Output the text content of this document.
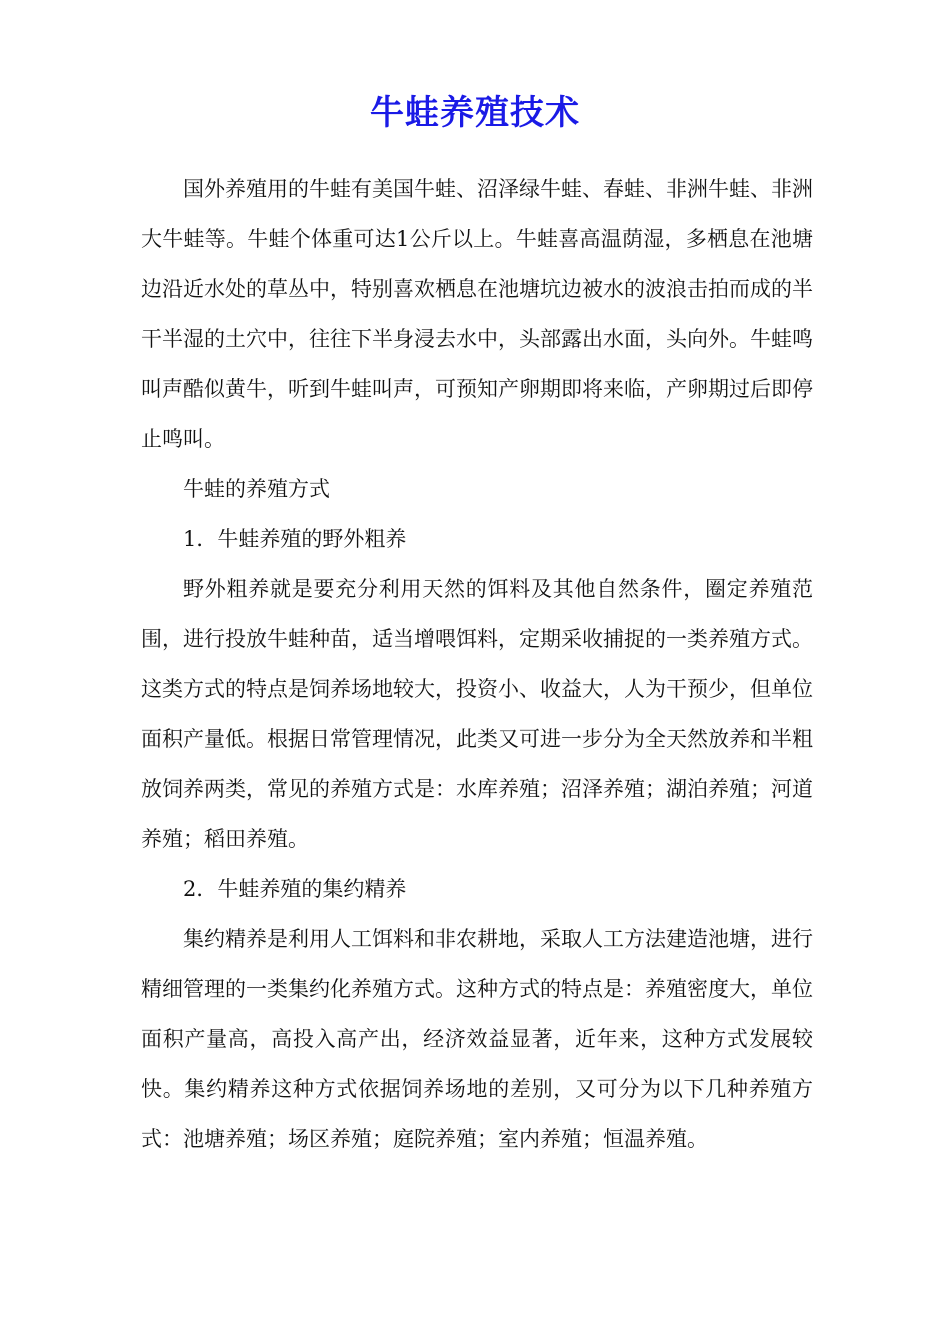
牛蛙养殖技术

国外养殖用的牛蛙有美国牛蛙、沼泽绿牛蛙、春蛙、非洲牛蛙、非洲大牛蛙等。牛蛙个体重可达1公斤以上。牛蛙喜高温荫湿，多栖息在池塘边沿近水处的草丛中，特别喜欢栖息在池塘坑边被水的波浪击拍而成的半干半湿的土穴中，往往下半身浸去水中，头部露出水面，头向外。牛蛙鸣叫声酷似黄牛，听到牛蛙叫声，可预知产卵期即将来临，产卵期过后即停止鸣叫。

牛蛙的养殖方式

1．牛蛙养殖的野外粗养

野外粗养就是要充分利用天然的饵料及其他自然条件，圈定养殖范围，进行投放牛蛙种苗，适当增喂饵料，定期采收捕捉的一类养殖方式。这类方式的特点是饲养场地较大，投资小、收益大，人为干预少，但单位面积产量低。根据日常管理情况，此类又可进一步分为全天然放养和半粗放饲养两类，常见的养殖方式是：水库养殖；沼泽养殖；湖泊养殖；河道养殖；稻田养殖。

2．牛蛙养殖的集约精养

集约精养是利用人工饵料和非农耕地，采取人工方法建造池塘，进行精细管理的一类集约化养殖方式。这种方式的特点是：养殖密度大，单位面积产量高，高投入高产出，经济效益显著，近年来，这种方式发展较快。集约精养这种方式依据饲养场地的差别，又可分为以下几种养殖方式：池塘养殖；场区养殖；庭院养殖；室内养殖；恒温养殖。
